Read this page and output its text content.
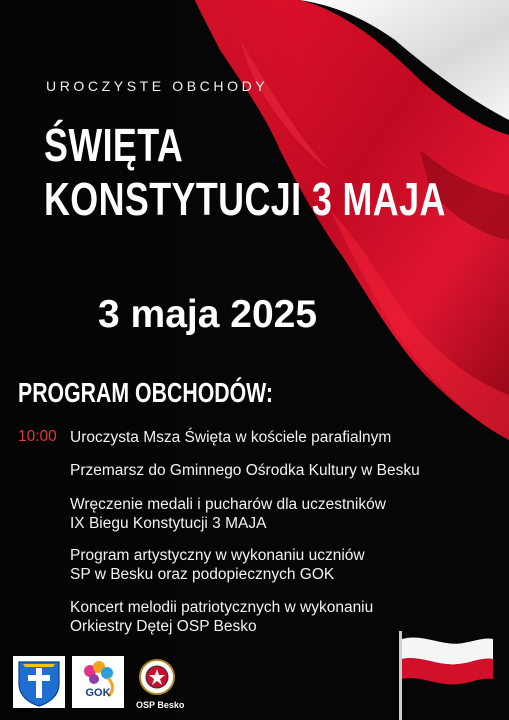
UROCZYSTE OBCHODY
ŚWIĘTA
KONSTYTUCJI 3 MAJA
3 maja 2025
PROGRAM OBCHODÓW:
10:00 Uroczysta Msza Święta w kościele parafialnym
Przemarsz do Gminnego Ośrodka Kultury w Besku
Wręczenie medali i pucharów dla uczestników
IX Biegu Konstytucji 3 MAJA
Program artystyczny w wykonaniu uczniów
SP w Besku oraz podopiecznych GOK
Koncert melodii patriotycznych w wykonaniu
Orkiestry Dętej OSP Besko
GOK
OSP Besko
